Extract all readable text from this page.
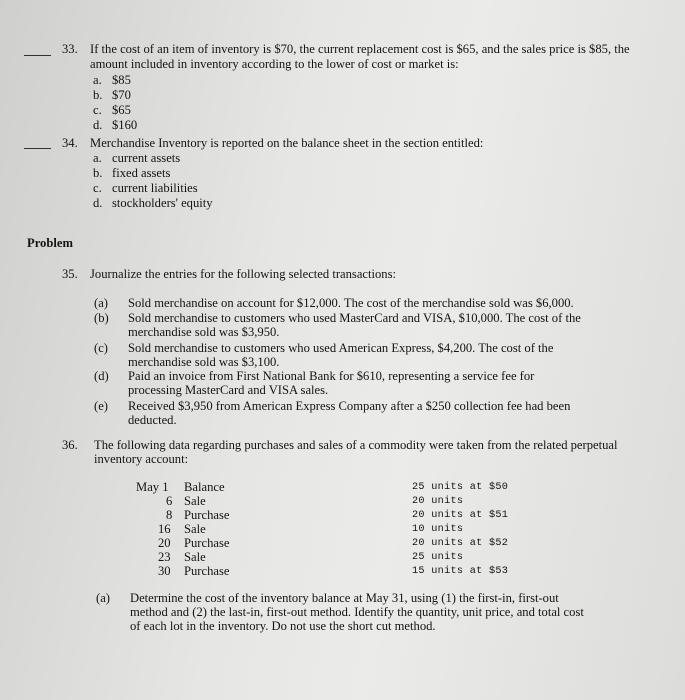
33. If the cost of an item of inventory is $70, the current replacement cost is $65, and the sales price is $85, the
amount included in inventory according to the lower of cost or market is:
a. $85
b. $70
c. $65
d. $160
34. Merchandise Inventory is reported on the balance sheet in the section entitled:
a. current assets
b. fixed assets
c. current liabilities
d. stockholders' equity
Problem
35. Journalize the entries for the following selected transactions:
(a) Sold merchandise on account for $12,000. The cost of the merchandise sold was $6,000.
(b) Sold merchandise to customers who used MasterCard and VISA, $10,000. The cost of the
merchandise sold was $3,950.
(c) Sold merchandise to customers who used American Express, $4,200. The cost of the
merchandise sold was $3,100.
(d) Paid an invoice from First National Bank for $610, representing a service fee for
processing MasterCard and VISA sales.
(e) Received $3,950 from American Express Company after a $250 collection fee had been
deducted.
36. The following data regarding purchases and sales of a commodity were taken from the related perpetual
inventory account:
May 1 Balance	25 units at $50
6 Sale	20 units
8 Purchase	20 units at $51
16 Sale	10 units
20 Purchase	20 units at $52
23 Sale	25 units
30 Purchase	15 units at $53
(a) Determine the cost of the inventory balance at May 31, using (1) the first-in, first-out
method and (2) the last-in, first-out method. Identify the quantity, unit price, and total cost
of each lot in the inventory. Do not use the short cut method.
